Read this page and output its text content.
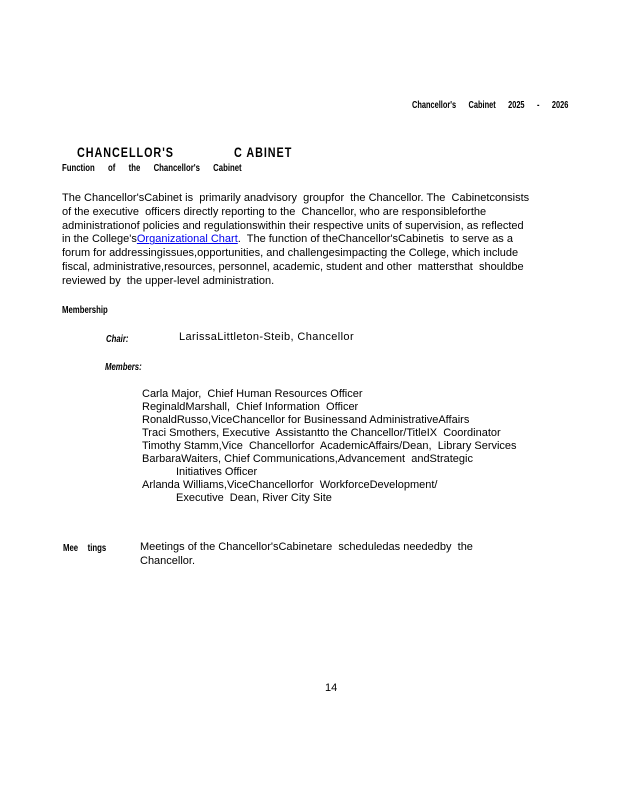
Chancellor's Cabinet 2025 - 2026

CHANCELLOR'S	C ABINET

Function of the Chancellor's Cabinet
The Chancellor'sCabinet is  primarily anadvisory  groupfor  the Chancellor. The  Cabinetconsists
of the executive  officers directly reporting to the  Chancellor, who are responsibleforthe
administrationof policies and regulationswithin their respective units of supervision, as reflected
in the College'sOrganizational Chart.  The function of theChancellor'sCabinetis  to serve as a
forum for addressingissues,opportunities, and challengesimpacting the College, which include
fiscal, administrative,resources, personnel, academic, student and other  mattersthat  shouldbe
reviewed by  the upper-level administration.
Membership
Chair:	LarissaLittleton-Steib, Chancellor
Members:
Carla Major,  Chief Human Resources Officer
ReginaldMarshall,  Chief Information  Officer
RonaldRusso,ViceChancellor for Businessand AdministrativeAffairs
Traci Smothers, Executive  Assistantto the Chancellor/TitleIX  Coordinator
Timothy Stamm,Vice  Chancellorfor  AcademicAffairs/Dean,  Library Services
BarbaraWaiters, Chief Communications,Advancement  andStrategic
Initiatives Officer
Arlanda Williams,ViceChancellorfor  WorkforceDevelopment/
Executive  Dean, River City Site
Mee tings	Meetings of the Chancellor'sCabinetare  scheduledas neededby  the
Chancellor.
14
